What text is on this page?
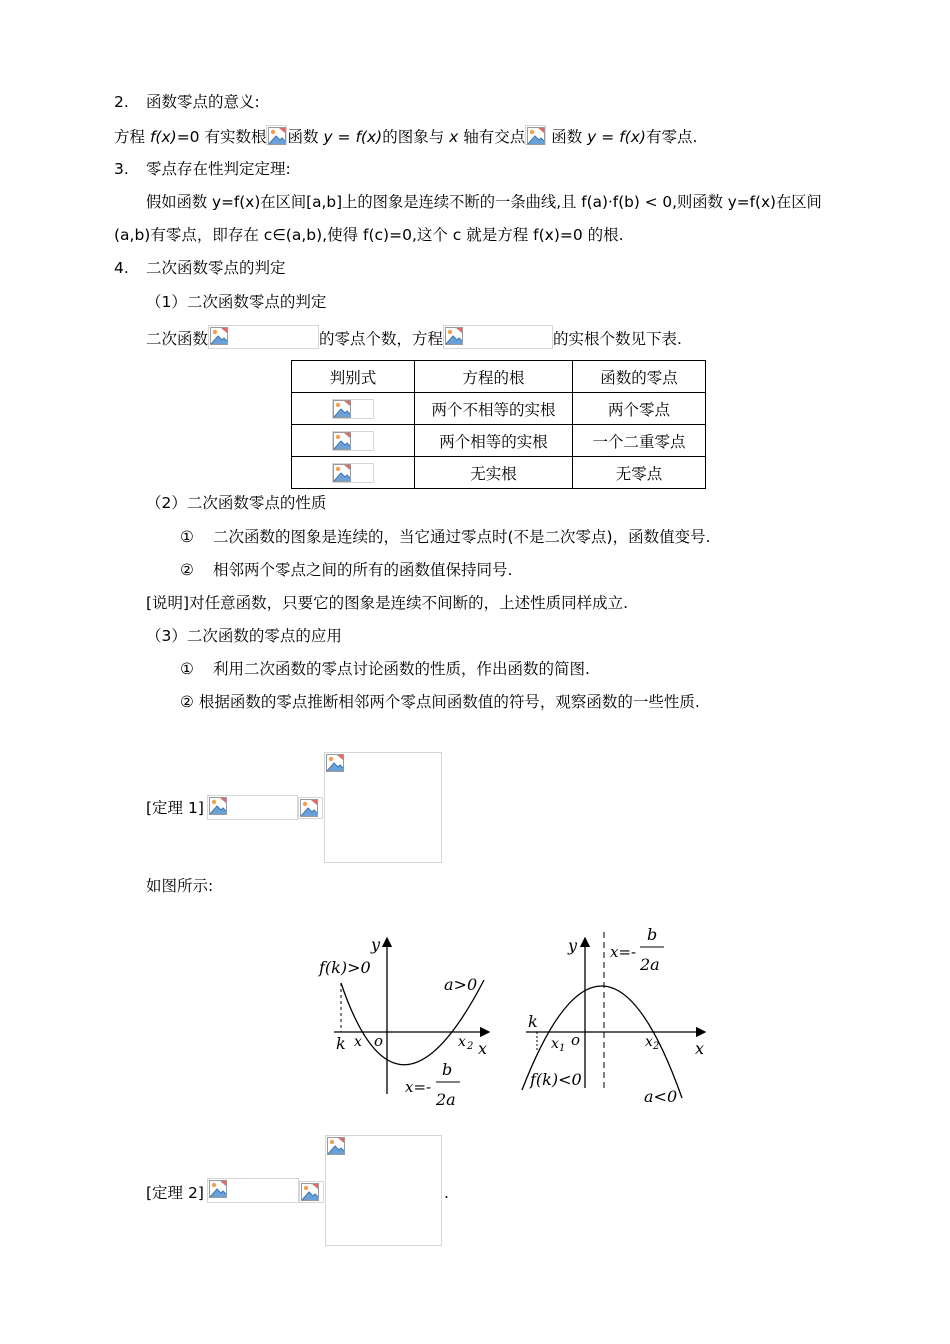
2. 函数零点的意义:
方程 f(x)=0 有实数根 函数 y = f(x)的图象与 x 轴有交点 函数 y = f(x)有零点.
3. 零点存在性判定定理:
假如函数 y=f(x)在区间[a,b]上的图象是连续不断的一条曲线,且 f(a)·f(b) < 0,则函数 y=f(x)在区间
(a,b)有零点，即存在 c∈(a,b),使得 f(c)=0,这个 c 就是方程 f(x)=0 的根.
4. 二次函数零点的判定
（1）二次函数零点的判定
二次函数	的零点个数，方程	的实根个数见下表.
判别式	方程的根	函数的零点

	两个不相等的实根	两个零点

	两个相等的实根	一个二重零点

	无实根	无零点
（2）二次函数零点的性质
① 二次函数的图象是连续的，当它通过零点时(不是二次零点)，函数值变号.
② 相邻两个零点之间的所有的函数值保持同号.
[说明]对任意函数，只要它的图象是连续不间断的，上述性质同样成立.
（3）二次函数的零点的应用
① 利用二次函数的零点讨论函数的性质，作出函数的简图.
② 根据函数的零点推断相邻两个零点间函数值的符号，观察函数的一些性质.
[定理 1]
如图所示:
f(k)>0
y
a>0
k x o	x 2 x
x=-
b
2a
x=-
b
2a
y
k
x 1 o	x 2 x
f(k)<0
a<0
[定理 2]	.
